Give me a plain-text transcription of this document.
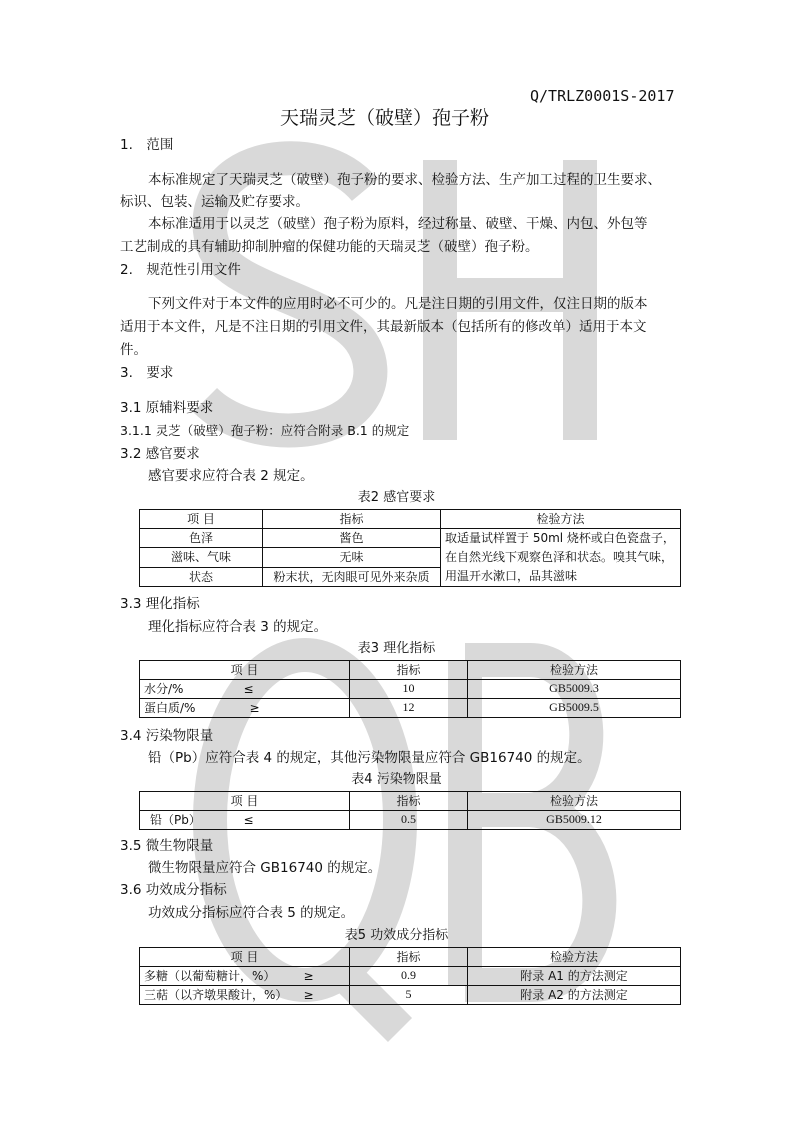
Q/TRLZ0001S-2017
天瑞灵芝（破壁）孢子粉
1.　范围
本标准规定了天瑞灵芝（破壁）孢子粉的要求、检验方法、生产加工过程的卫生要求、
标识、包装、运输及贮存要求。
本标准适用于以灵芝（破壁）孢子粉为原料，经过称量、破壁、干燥、内包、外包等
工艺制成的具有辅助抑制肿瘤的保健功能的天瑞灵芝（破壁）孢子粉。
2.　规范性引用文件
下列文件对于本文件的应用时必不可少的。凡是注日期的引用文件，仅注日期的版本
适用于本文件，凡是不注日期的引用文件，其最新版本（包括所有的修改单）适用于本文
件。
3.　要求
3.1 原辅料要求
3.1.1 灵芝（破壁）孢子粉：应符合附录 B.1 的规定
3.2 感官要求
感官要求应符合表 2 规定。
表2 感官要求
项 目	指标	检验方法
色泽	酱色	取适量试样置于 50ml 烧杯或白色瓷盘子，
在自然光线下观察色泽和状态。嗅其气味，
用温开水漱口，品其滋味

滋味、气味	无味	
状态	粉末状，无肉眼可见外来杂质	
3.3 理化指标
理化指标应符合表 3 的规定。
表3 理化指标
项 目		指标	检验方法
水分/%	≤	10	GB5009.3
蛋白质/%	≥	12	GB5009.5
3.4 污染物限量
铅（Pb）应符合表 4 的规定，其他污染物限量应符合 GB16740 的规定。
表4 污染物限量
项 目		指标	检验方法
铅（Pb）	≤	0.5	GB5009.12
3.5 微生物限量
微生物限量应符合 GB16740 的规定。
3.6 功效成分指标
功效成分指标应符合表 5 的规定。
表5 功效成分指标
项 目		指标	检验方法
多糖（以葡萄糖计，%）	≥	0.9	附录 A1 的方法测定
三萜（以齐墩果酸计，%）	≥	5	附录 A2 的方法测定
